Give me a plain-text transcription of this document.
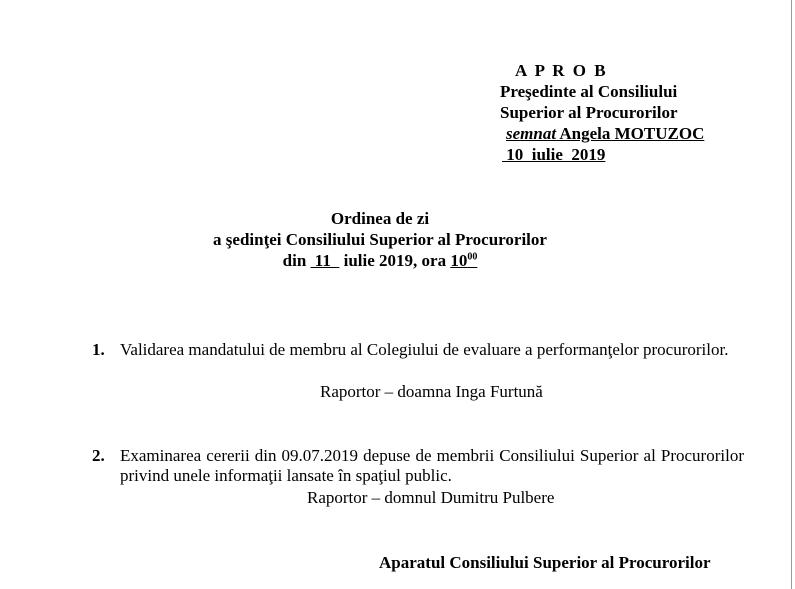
A P R O B
Preşedinte al Consiliului
Superior al Procurorilor
semnat Angela MOTUZOC
10  iulie  2019
Ordinea de zi
a şedinţei Consiliului Superior al Procurorilor
din  11   iulie 2019, ora $10^{00}$
1. Validarea mandatului de membru al Colegiului de evaluare a performanţelor procurorilor.
Raportor – doamna Inga Furtună
2. Examinarea cererii din 09.07.2019 depuse de membrii Consiliului Superior al Procurorilor privind unele informaţii lansate în spaţiul public.
Raportor – domnul Dumitru Pulbere
Aparatul Consiliului Superior al Procurorilor
